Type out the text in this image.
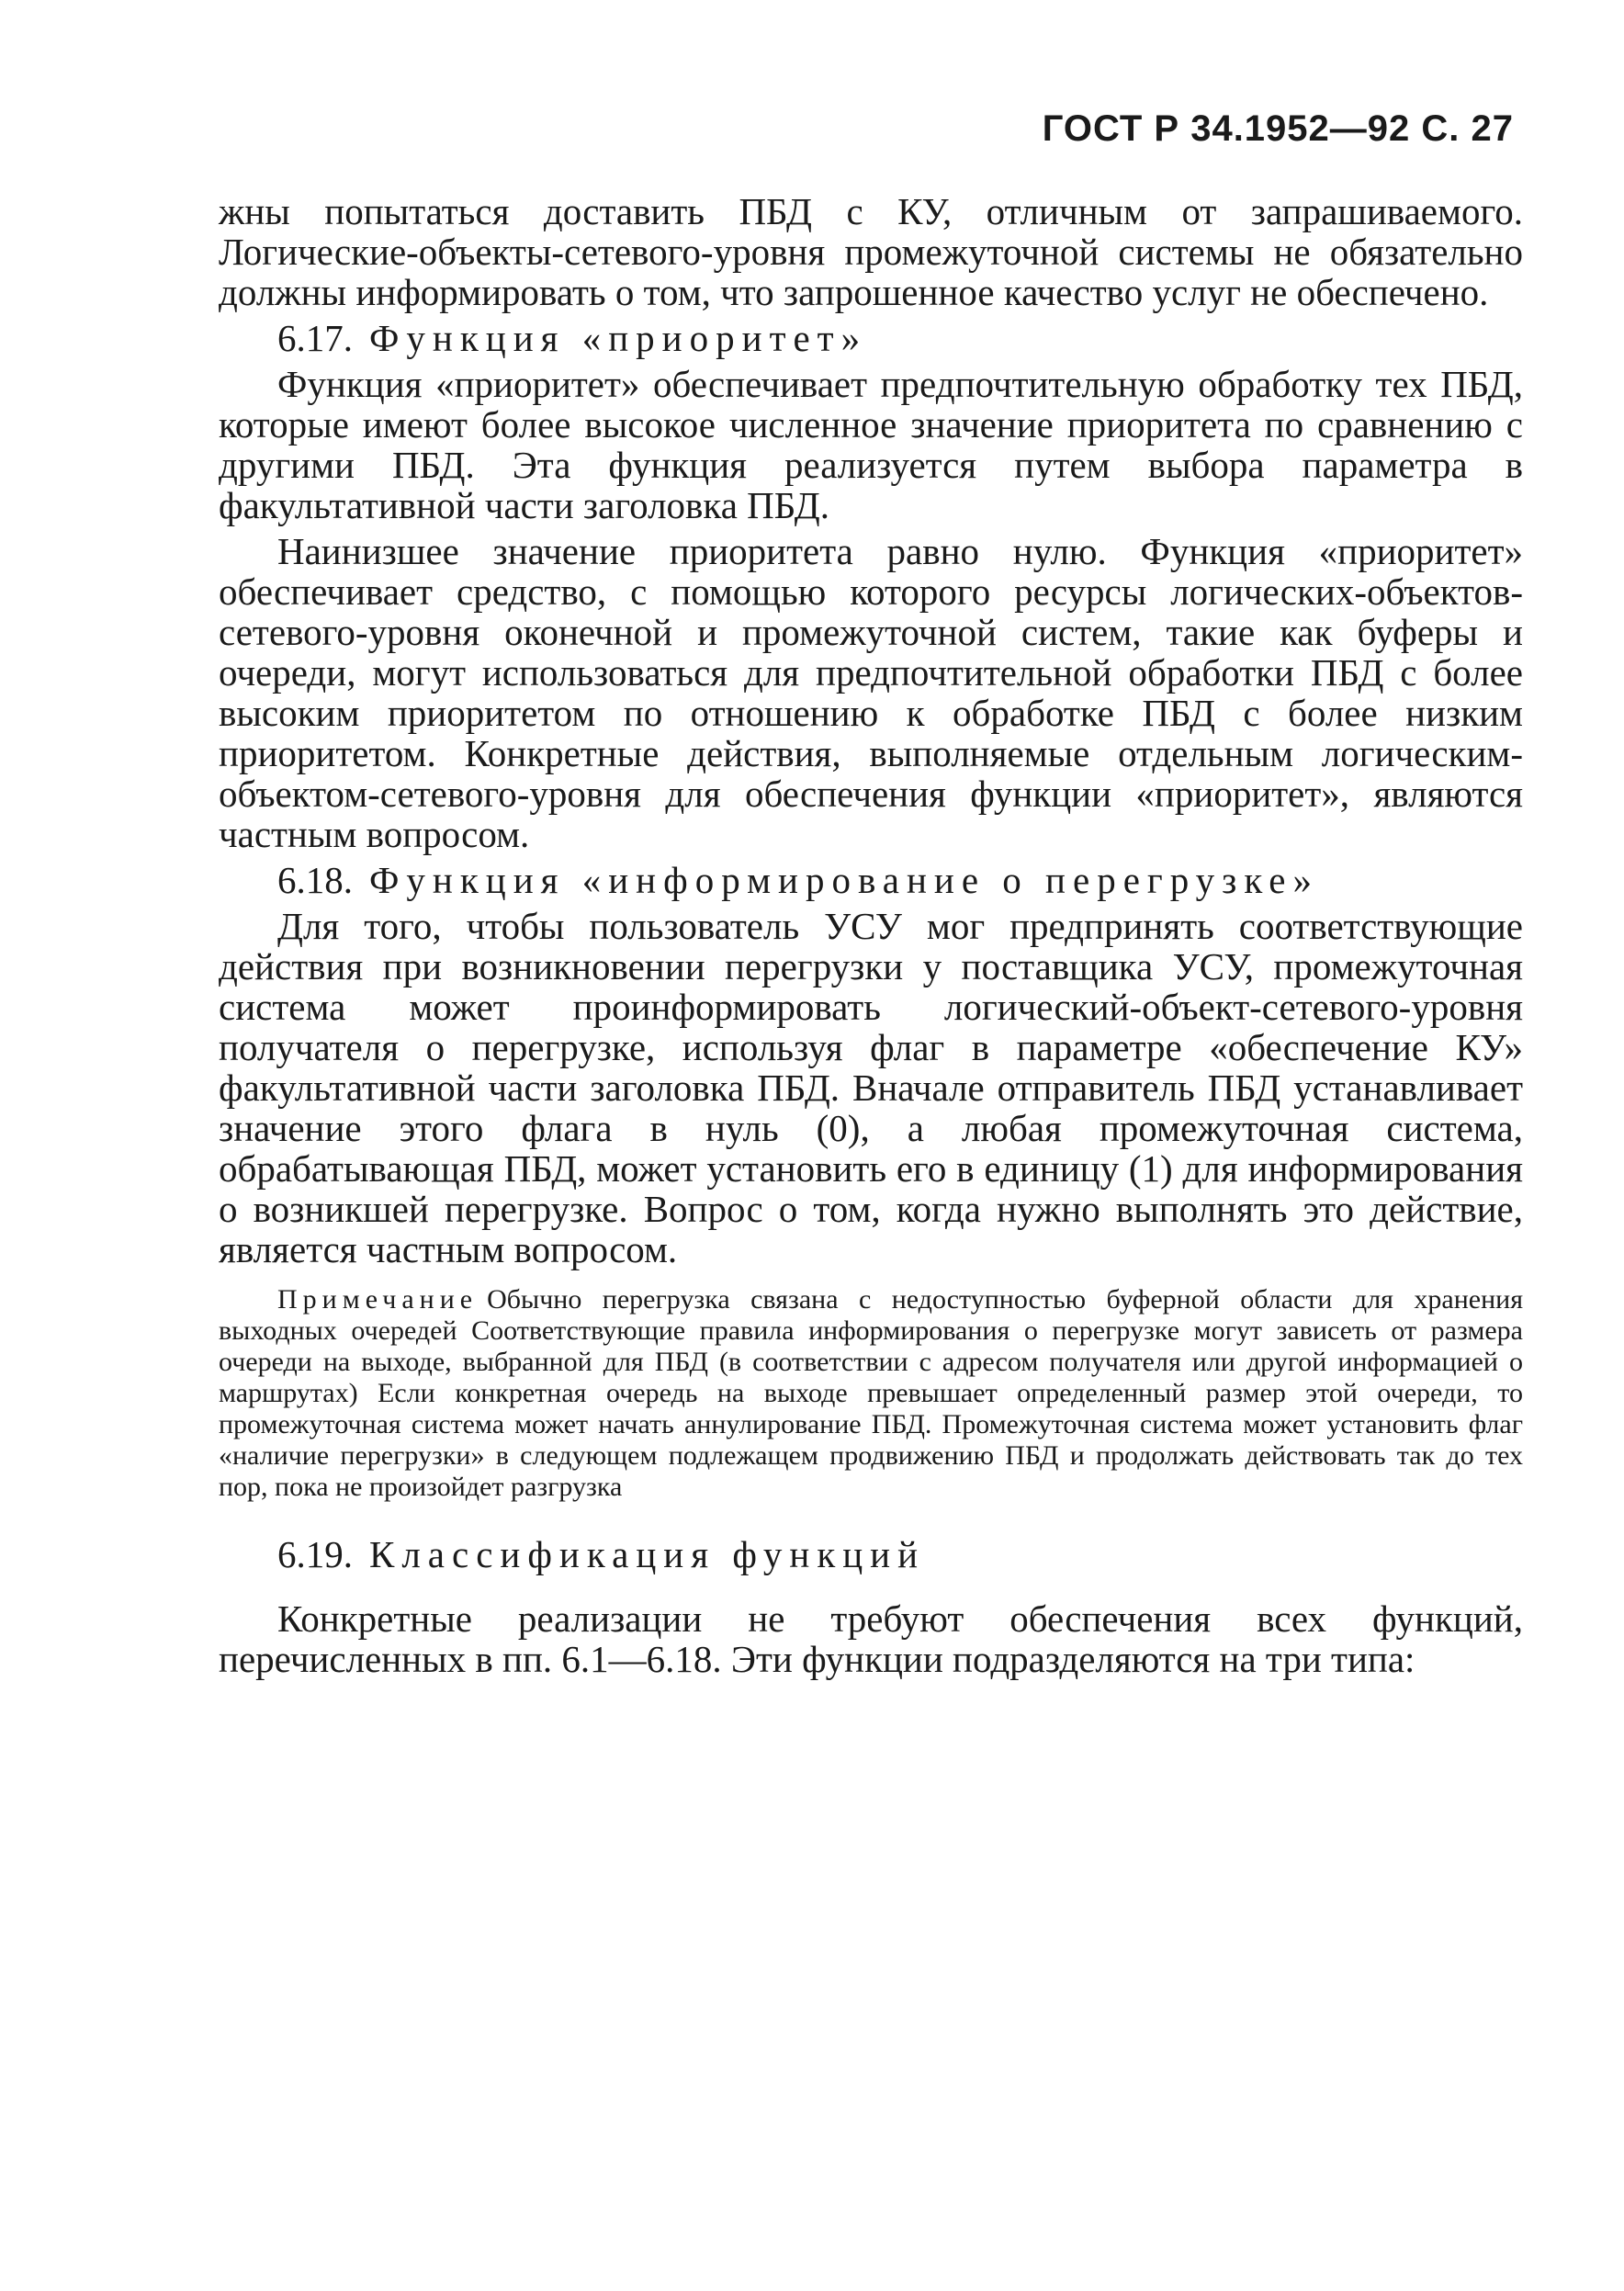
ГОСТ Р 34.1952—92 С. 27

жны попытаться доставить ПБД с КУ, отличным от запрашиваемого. Логические-объекты-сетевого-уровня промежуточной системы не обязательно должны информировать о том, что запрошенное качество услуг не обеспечено.

6.17. Функция «приоритет»

Функция «приоритет» обеспечивает предпочтительную обработку тех ПБД, которые имеют более высокое численное значение приоритета по сравнению с другими ПБД. Эта функция реализуется путем выбора параметра в факультативной части заголовка ПБД.

Наинизшее значение приоритета равно нулю. Функция «приоритет» обеспечивает средство, с помощью которого ресурсы логических-объектов-сетевого-уровня оконечной и промежуточной систем, такие как буферы и очереди, могут использоваться для предпочтительной обработки ПБД с более высоким приоритетом по отношению к обработке ПБД с более низким приоритетом. Конкретные действия, выполняемые отдельным логическим-объектом-сетевого-уровня для обеспечения функции «приоритет», являются частным вопросом.

6.18. Функция «информирование о перегрузке»

Для того, чтобы пользователь УСУ мог предпринять соответствующие действия при возникновении перегрузки у поставщика УСУ, промежуточная система может проинформировать логический-объект-сетевого-уровня получателя о перегрузке, используя флаг в параметре «обеспечение КУ» факультативной части заголовка ПБД. Вначале отправитель ПБД устанавливает значение этого флага в нуль (0), а любая промежуточная система, обрабатывающая ПБД, может установить его в единицу (1) для информирования о возникшей перегрузке. Вопрос о том, когда нужно выполнять это действие, является частным вопросом.

Примечание Обычно перегрузка связана с недоступностью буферной области для хранения выходных очередей Соответствующие правила информирования о перегрузке могут зависеть от размера очереди на выходе, выбранной для ПБД (в соответствии с адресом получателя или другой информацией о маршрутах) Если конкретная очередь на выходе превышает определенный размер этой очереди, то промежуточная система может начать аннулирование ПБД. Промежуточная система может установить флаг «наличие перегрузки» в следующем подлежащем продвижению ПБД и продолжать действовать так до тех пор, пока не произойдет разгрузка

6.19. Классификация функций

Конкретные реализации не требуют обеспечения всех функций, перечисленных в пп. 6.1—6.18. Эти функции подразделяются на три типа:
